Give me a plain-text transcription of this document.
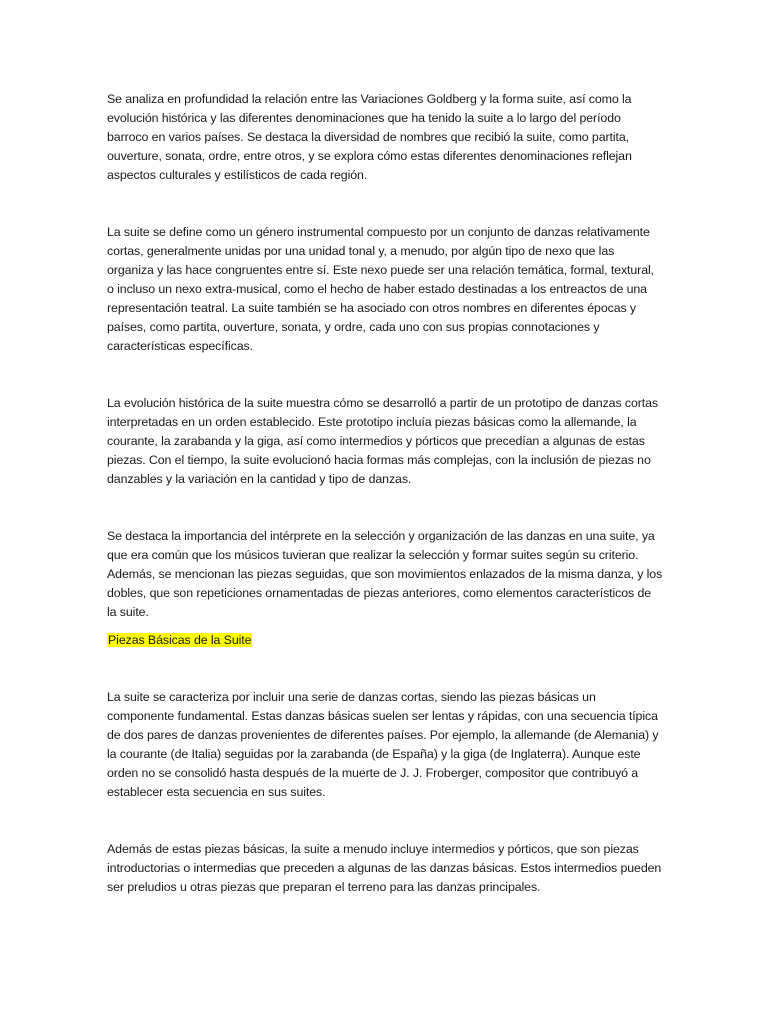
Se analiza en profundidad la relación entre las Variaciones Goldberg y la forma suite, así como la evolución histórica y las diferentes denominaciones que ha tenido la suite a lo largo del período barroco en varios países. Se destaca la diversidad de nombres que recibió la suite, como partita, ouverture, sonata, ordre, entre otros, y se explora cómo estas diferentes denominaciones reflejan aspectos culturales y estilísticos de cada región.

La suite se define como un género instrumental compuesto por un conjunto de danzas relativamente cortas, generalmente unidas por una unidad tonal y, a menudo, por algún tipo de nexo que las organiza y las hace congruentes entre sí. Este nexo puede ser una relación temática, formal, textural, o incluso un nexo extra-musical, como el hecho de haber estado destinadas a los entreactos de una representación teatral. La suite también se ha asociado con otros nombres en diferentes épocas y países, como partita, ouverture, sonata, y ordre, cada uno con sus propias connotaciones y características específicas.

La evolución histórica de la suite muestra cómo se desarrolló a partir de un prototipo de danzas cortas interpretadas en un orden establecido. Este prototipo incluía piezas básicas como la allemande, la courante, la zarabanda y la giga, así como intermedios y pórticos que precedían a algunas de estas piezas. Con el tiempo, la suite evolucionó hacia formas más complejas, con la inclusión de piezas no danzables y la variación en la cantidad y tipo de danzas.

Se destaca la importancia del intérprete en la selección y organización de las danzas en una suite, ya que era común que los músicos tuvieran que realizar la selección y formar suites según su criterio. Además, se mencionan las piezas seguidas, que son movimientos enlazados de la misma danza, y los dobles, que son repeticiones ornamentadas de piezas anteriores, como elementos característicos de la suite.

Piezas Básicas de la Suite

La suite se caracteriza por incluir una serie de danzas cortas, siendo las piezas básicas un componente fundamental. Estas danzas básicas suelen ser lentas y rápidas, con una secuencia típica de dos pares de danzas provenientes de diferentes países. Por ejemplo, la allemande (de Alemania) y la courante (de Italia) seguidas por la zarabanda (de España) y la giga (de Inglaterra). Aunque este orden no se consolidó hasta después de la muerte de J. J. Froberger, compositor que contribuyó a establecer esta secuencia en sus suites.

Además de estas piezas básicas, la suite a menudo incluye intermedios y pórticos, que son piezas introductorias o intermedias que preceden a algunas de las danzas básicas. Estos intermedios pueden ser preludios u otras piezas que preparan el terreno para las danzas principales.
